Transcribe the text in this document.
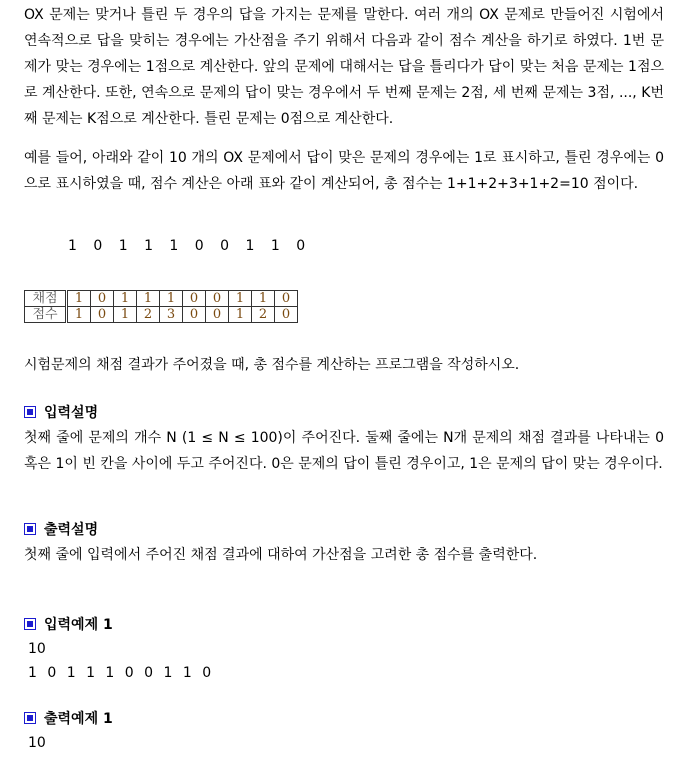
OX 문제는 맞거나 틀린 두 경우의 답을 가지는 문제를 말한다. 여러 개의 OX 문제로 만들어진 시험에서 연속적으로 답을 맞히는 경우에는 가산점을 주기 위해서 다음과 같이 점수 계산을 하기로 하였다. 1번 문제가 맞는 경우에는 1점으로 계산한다. 앞의 문제에 대해서는 답을 틀리다가 답이 맞는 처음 문제는 1점으로 계산한다. 또한, 연속으로 문제의 답이 맞는 경우에서 두 번째 문제는 2점, 세 번째 문제는 3점, ..., K번째 문제는 K점으로 계산한다. 틀린 문제는 0점으로 계산한다.
예를 들어, 아래와 같이 10 개의 OX 문제에서 답이 맞은 문제의 경우에는 1로 표시하고, 틀린 경우에는 0으로 표시하였을 때, 점수 계산은 아래 표와 같이 계산되어, 총 점수는 1+1+2+3+1+2=10 점이다.
1 0 1 1 1 0 0 1 1 0
채점	1	0	1	1	1	0	0	1	1	0
점수	1	0	1	2	3	0	0	1	2	0
시험문제의 채점 결과가 주어졌을 때, 총 점수를 계산하는 프로그램을 작성하시오.
입력설명
첫째 줄에 문제의 개수 N (1 ≤ N ≤ 100)이 주어진다. 둘째 줄에는 N개 문제의 채점 결과를 나타내는 0 혹은 1이 빈 칸을 사이에 두고 주어진다. 0은 문제의 답이 틀린 경우이고, 1은 문제의 답이 맞는 경우이다.
출력설명
첫째 줄에 입력에서 주어진 채점 결과에 대하여 가산점을 고려한 총 점수를 출력한다.
입력예제 1
10
1 0 1 1 1 0 0 1 1 0
출력예제 1
10
